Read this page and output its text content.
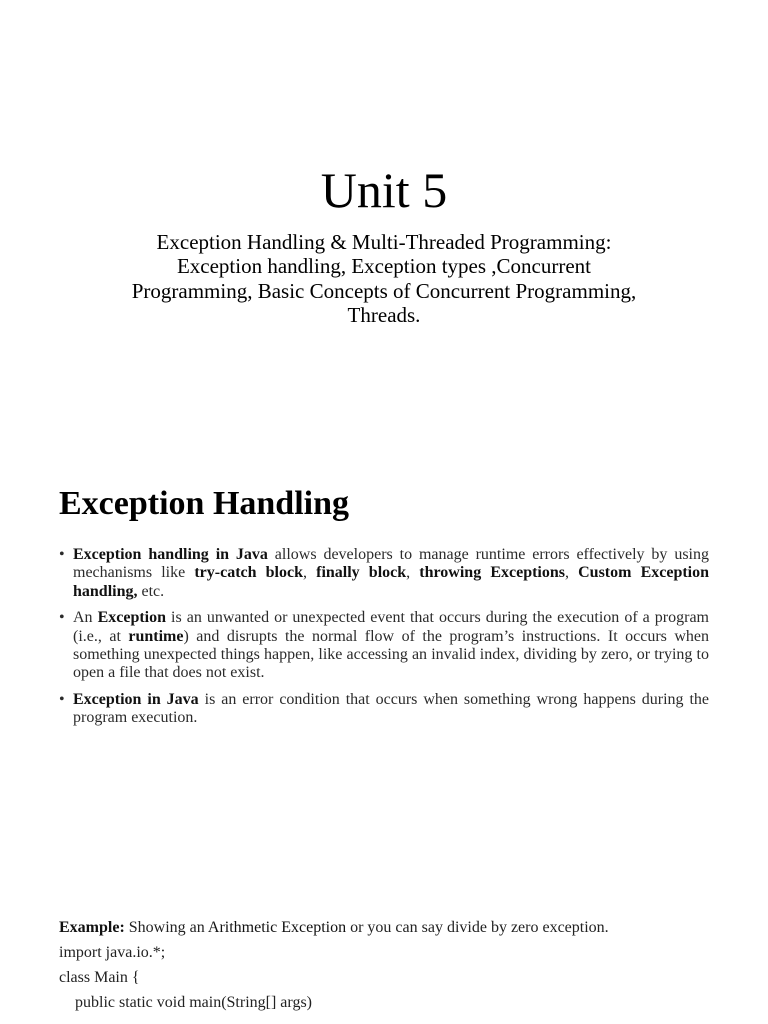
Unit 5
Exception Handling & Multi-Threaded Programming:
Exception handling, Exception types ,Concurrent
Programming, Basic Concepts of Concurrent Programming,
Threads.
Exception Handling
• Exception handling in Java allows developers to manage runtime errors effectively by using mechanisms like try-catch block, finally block, throwing Exceptions, Custom Exception handling, etc.
• An Exception is an unwanted or unexpected event that occurs during the execution of a program (i.e., at runtime) and disrupts the normal flow of the program’s instructions. It occurs when something unexpected things happen, like accessing an invalid index, dividing by zero, or trying to open a file that does not exist.
• Exception in Java is an error condition that occurs when something wrong happens during the program execution.
Example: Showing an Arithmetic Exception or you can say divide by zero exception.
import java.io.*;
class Main {
public static void main(String[] args)
